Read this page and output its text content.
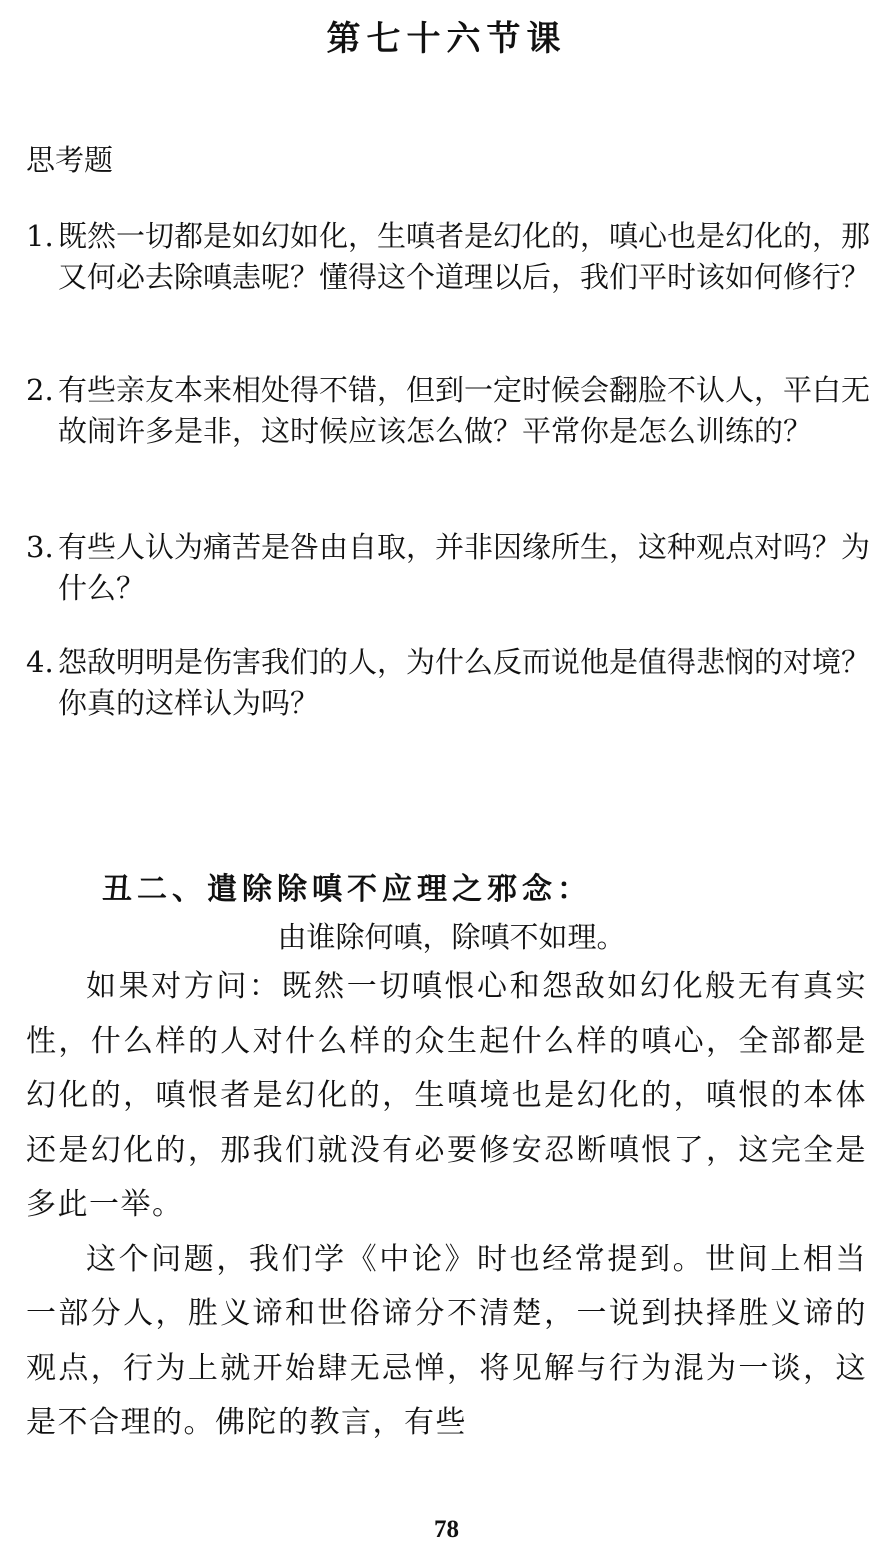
第七十六节课
思考题
1. 既然一切都是如幻如化，生嗔者是幻化的，嗔心也是幻化的，那又何必去除嗔恚呢？懂得这个道理以后，我们平时该如何修行？
2. 有些亲友本来相处得不错，但到一定时候会翻脸不认人，平白无故闹许多是非，这时候应该怎么做？平常你是怎么训练的？
3. 有些人认为痛苦是咎由自取，并非因缘所生，这种观点对吗？为什么？
4. 怨敌明明是伤害我们的人，为什么反而说他是值得悲悯的对境？你真的这样认为吗？
丑二、遣除除嗔不应理之邪念：
由谁除何嗔，除嗔不如理。

如果对方问：既然一切嗔恨心和怨敌如幻化般无有真实性，什么样的人对什么样的众生起什么样的嗔心，全部都是幻化的，嗔恨者是幻化的，生嗔境也是幻化的，嗔恨的本体还是幻化的，那我们就没有必要修安忍断嗔恨了，这完全是多此一举。

这个问题，我们学《中论》时也经常提到。世间上相当一部分人，胜义谛和世俗谛分不清楚，一说到抉择胜义谛的观点，行为上就开始肆无忌惮，将见解与行为混为一谈，这是不合理的。佛陀的教言，有些

78
